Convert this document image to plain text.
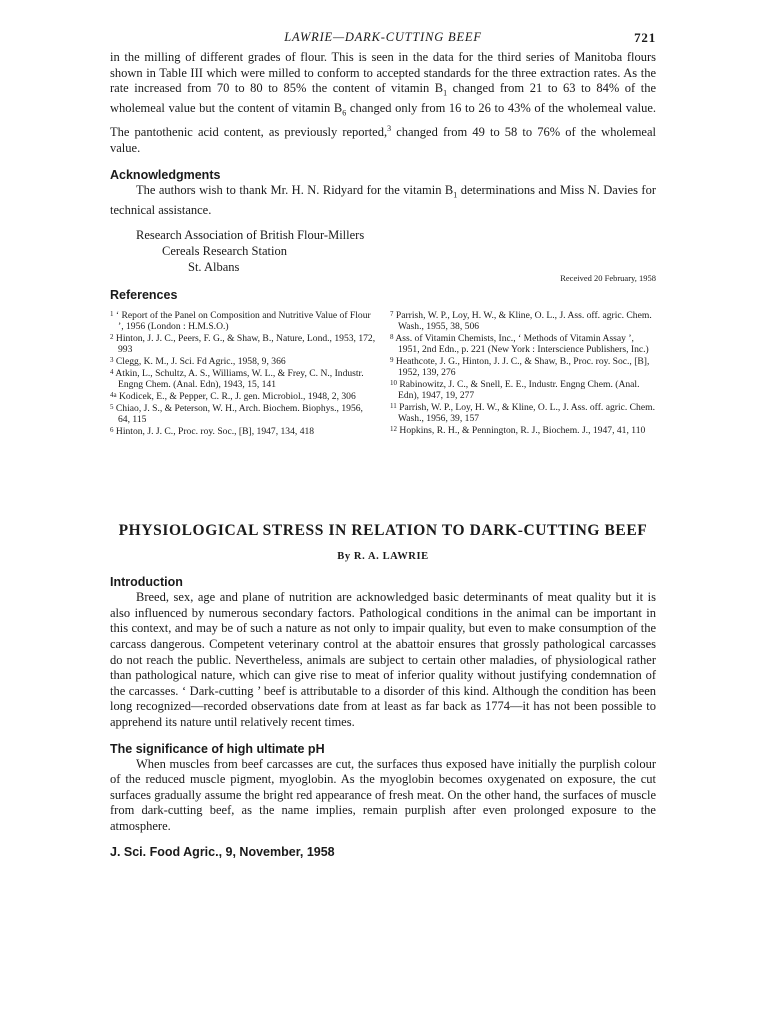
LAWRIE—DARK-CUTTING BEEF	721

in the milling of different grades of flour. This is seen in the data for the third series of Manitoba flours shown in Table III which were milled to conform to accepted standards for the three extraction rates. As the rate increased from 70 to 80 to 85% the content of vitamin $B_1$ changed from 21 to 63 to 84% of the wholemeal value but the content of vitamin $B_6$ changed only from 16 to 26 to 43% of the wholemeal value. The pantothenic acid content, as previously reported,$^3$ changed from 49 to 58 to 76% of the wholemeal value.

Acknowledgments

The authors wish to thank Mr. H. N. Ridyard for the vitamin $B_1$ determinations and Miss N. Davies for technical assistance.

Research Association of British Flour-Millers
Cereals Research Station
St. Albans
Received 20 February, 1958
References
$^1$ ‘ Report of the Panel on Composition and Nutritive Value of Flour ’, 1956 (London : H.M.S.O.)
$^2$ Hinton, J. J. C., Peers, F. G., & Shaw, B., Nature, Lond., 1953, 172, 993
$^3$ Clegg, K. M., J. Sci. Fd Agric., 1958, 9, 366
$^4$ Atkin, L., Schultz, A. S., Williams, W. L., & Frey, C. N., Industr. Engng Chem. (Anal. Edn), 1943, 15, 141
$^{4a}$ Kodicek, E., & Pepper, C. R., J. gen. Microbiol., 1948, 2, 306
$^5$ Chiao, J. S., & Peterson, W. H., Arch. Biochem. Biophys., 1956, 64, 115
$^6$ Hinton, J. J. C., Proc. roy. Soc., [B], 1947, 134, 418
$^7$ Parrish, W. P., Loy, H. W., & Kline, O. L., J. Ass. off. agric. Chem. Wash., 1955, 38, 506
$^8$ Ass. of Vitamin Chemists, Inc., ‘ Methods of Vitamin Assay ’, 1951, 2nd Edn., p. 221 (New York : Interscience Publishers, Inc.)
$^9$ Heathcote, J. G., Hinton, J. J. C., & Shaw, B., Proc. roy. Soc., [B], 1952, 139, 276
$^{10}$ Rabinowitz, J. C., & Snell, E. E., Industr. Engng Chem. (Anal. Edn), 1947, 19, 277
$^{11}$ Parrish, W. P., Loy, H. W., & Kline, O. L., J. Ass. off. agric. Chem. Wash., 1956, 39, 157
$^{12}$ Hopkins, R. H., & Pennington, R. J., Biochem. J., 1947, 41, 110
PHYSIOLOGICAL STRESS IN RELATION TO DARK-CUTTING BEEF
By R. A. LAWRIE
Introduction

Breed, sex, age and plane of nutrition are acknowledged basic determinants of meat quality but it is also influenced by numerous secondary factors. Pathological conditions in the animal can be important in this context, and may be of such a nature as not only to impair quality, but even to make consumption of the carcass dangerous. Competent veterinary control at the abattoir ensures that grossly pathological carcasses do not reach the public. Nevertheless, animals are subject to certain other maladies, of physiological rather than pathological nature, which can give rise to meat of inferior quality without justifying condemnation of the carcasses. ‘ Dark-cutting ’ beef is attributable to a disorder of this kind. Although the condition has been long recognized—recorded observations date from at least as far back as 1774—it has not been possible to apprehend its nature until relatively recent times.

The significance of high ultimate pH

When muscles from beef carcasses are cut, the surfaces thus exposed have initially the purplish colour of the reduced muscle pigment, myoglobin. As the myoglobin becomes oxygenated on exposure, the cut surfaces gradually assume the bright red appearance of fresh meat. On the other hand, the surfaces of muscle from dark-cutting beef, as the name implies, remain purplish after even prolonged exposure to the atmosphere.

J. Sci. Food Agric., 9, November, 1958
